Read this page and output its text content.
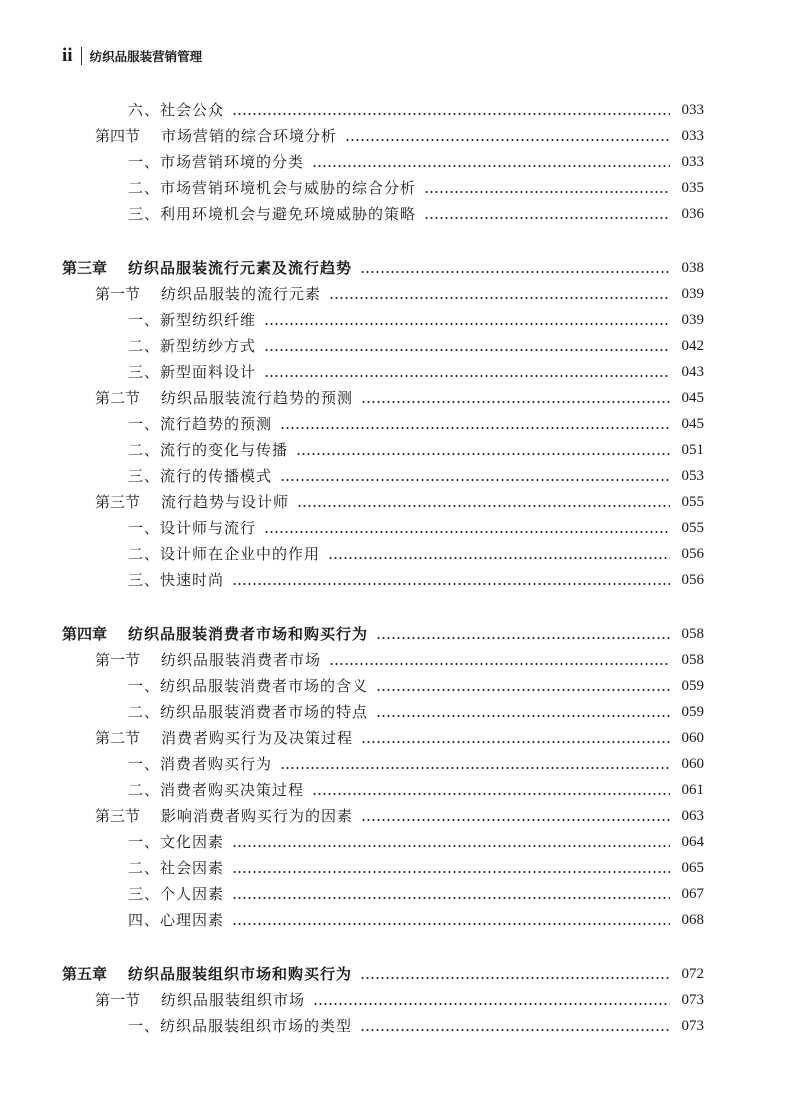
ii 纺织品服装营销管理
六、社会公众	033
第四节 市场营销的综合环境分析	033
一、市场营销环境的分类	033
二、市场营销环境机会与威胁的综合分析	035
三、利用环境机会与避免环境威胁的策略	036
第三章 纺织品服装流行元素及流行趋势	038
第一节 纺织品服装的流行元素	039
一、新型纺织纤维	039
二、新型纺纱方式	042
三、新型面料设计	043
第二节 纺织品服装流行趋势的预测	045
一、流行趋势的预测	045
二、流行的变化与传播	051
三、流行的传播模式	053
第三节 流行趋势与设计师	055
一、设计师与流行	055
二、设计师在企业中的作用	056
三、快速时尚	056
第四章 纺织品服装消费者市场和购买行为	058
第一节 纺织品服装消费者市场	058
一、纺织品服装消费者市场的含义	059
二、纺织品服装消费者市场的特点	059
第二节 消费者购买行为及决策过程	060
一、消费者购买行为	060
二、消费者购买决策过程	061
第三节 影响消费者购买行为的因素	063
一、文化因素	064
二、社会因素	065
三、个人因素	067
四、心理因素	068
第五章 纺织品服装组织市场和购买行为	072
第一节 纺织品服装组织市场	073
一、纺织品服装组织市场的类型	073
